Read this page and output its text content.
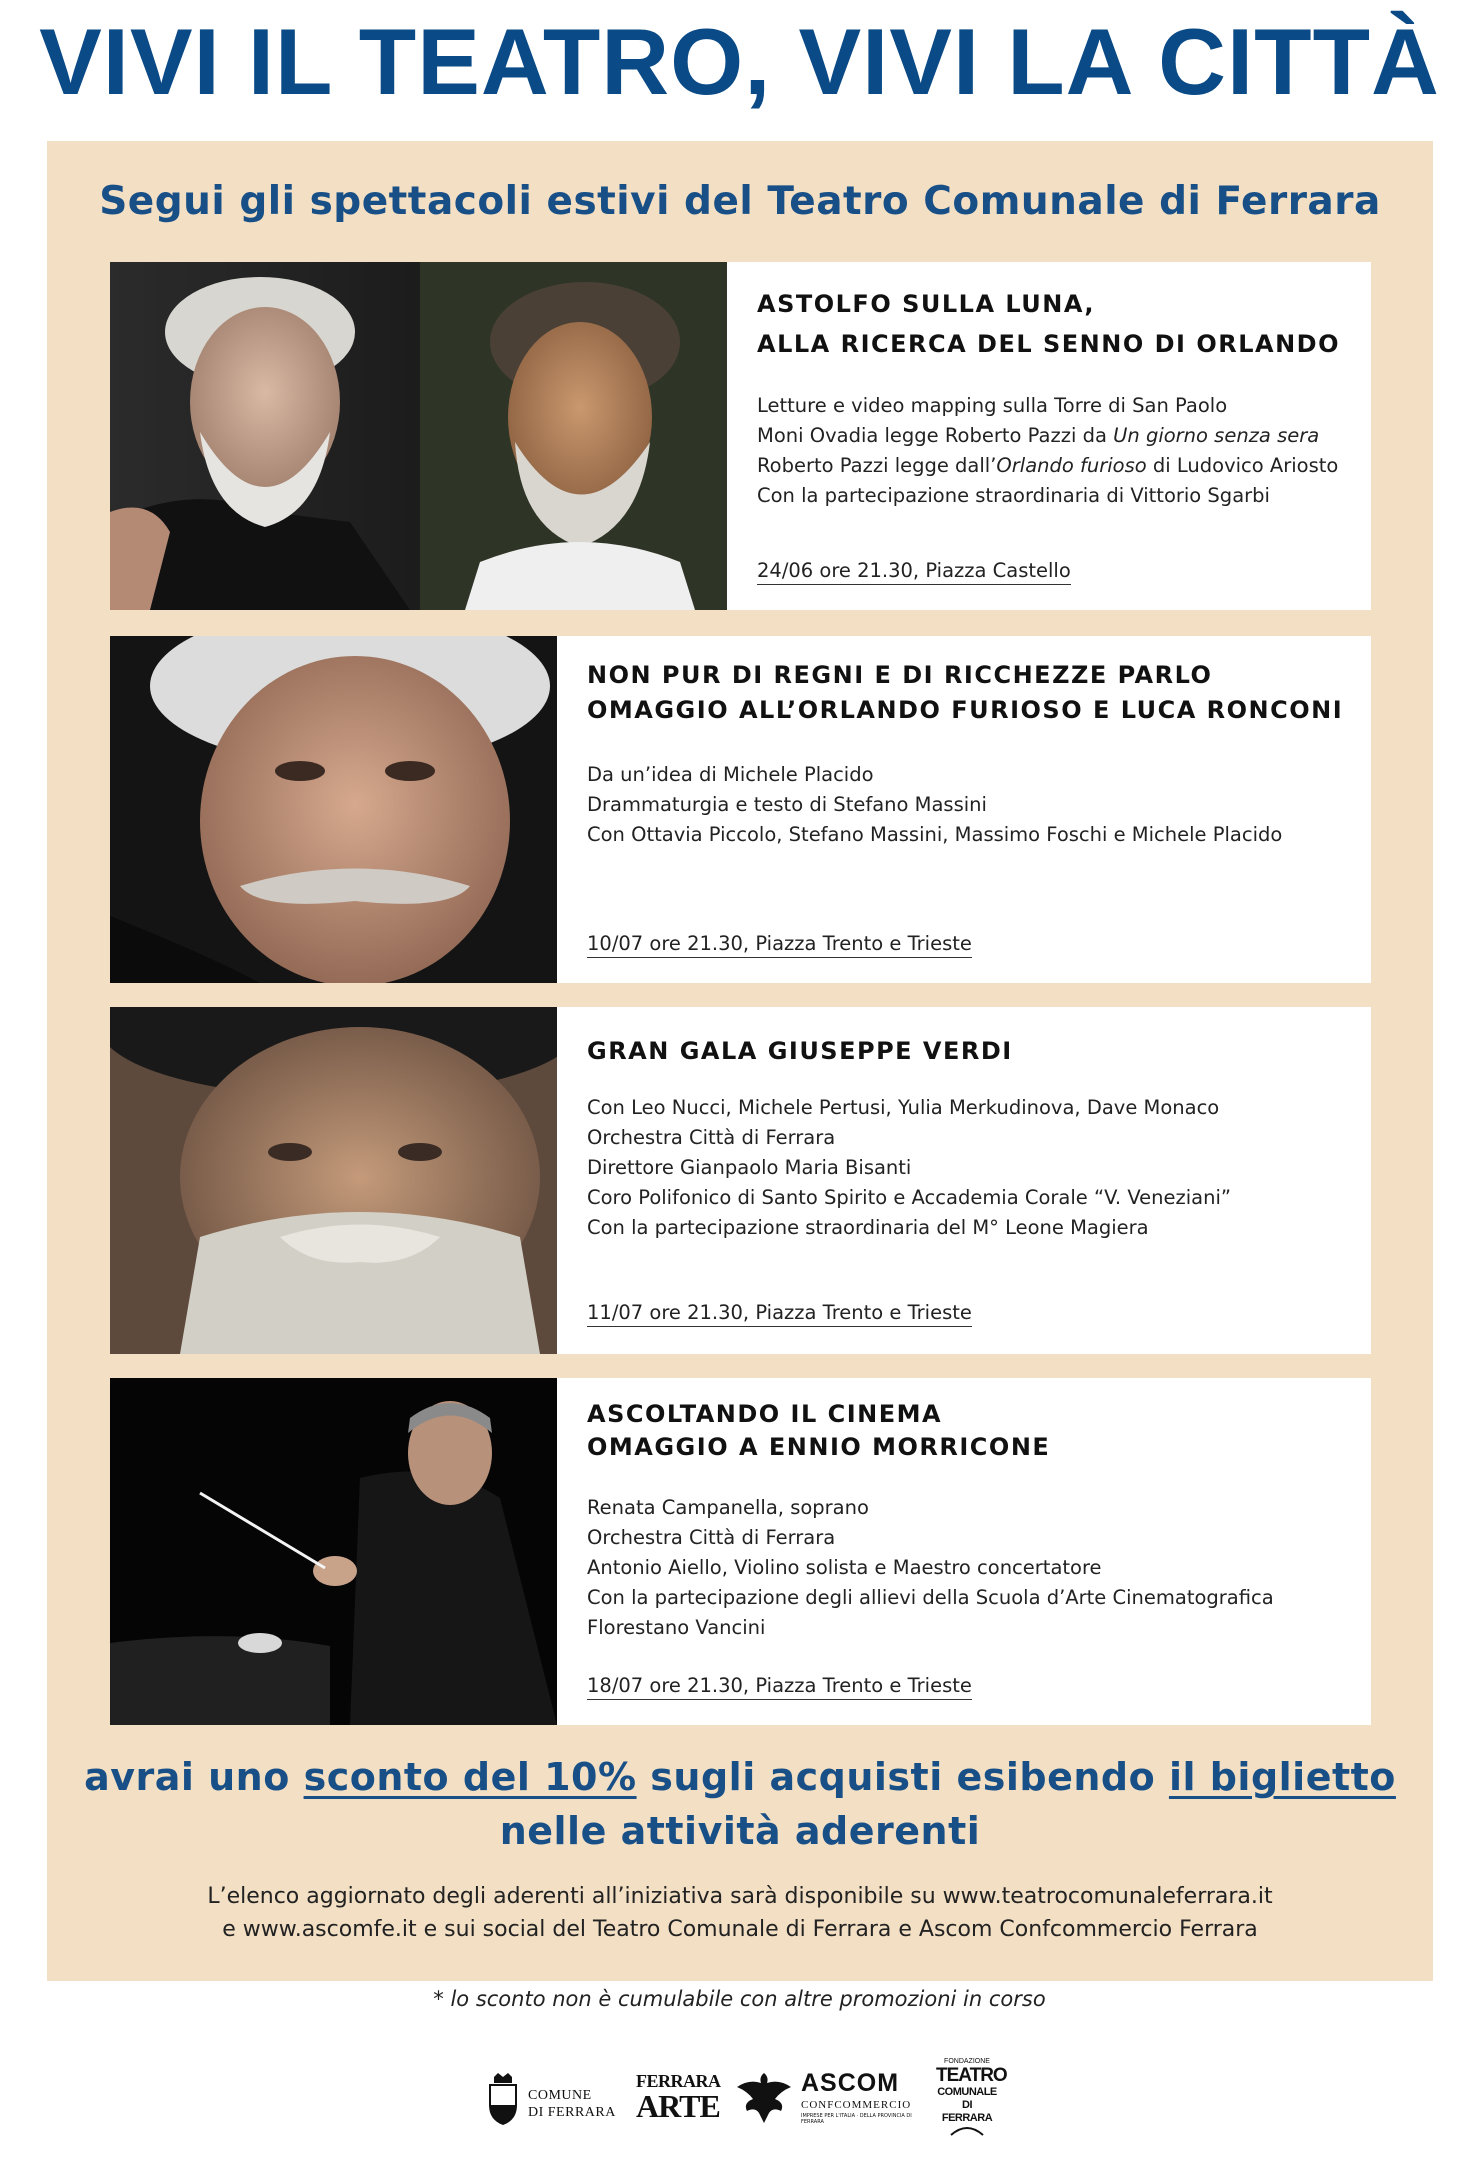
VIVI IL TEATRO, VIVI LA CITTÀ
Segui gli spettacoli estivi del Teatro Comunale di Ferrara
ASTOLFO SULLA LUNA,
ALLA RICERCA DEL SENNO DI ORLANDO
Letture e video mapping sulla Torre di San Paolo
Moni Ovadia legge Roberto Pazzi da Un giorno senza sera
Roberto Pazzi legge dall’Orlando furioso di Ludovico Ariosto
Con la partecipazione straordinaria di Vittorio Sgarbi
24/06 ore 21.30, Piazza Castello
NON PUR DI REGNI E DI RICCHEZZE PARLO
OMAGGIO ALL’ORLANDO FURIOSO E LUCA RONCONI
Da un’idea di Michele Placido
Drammaturgia e testo di Stefano Massini
Con Ottavia Piccolo, Stefano Massini, Massimo Foschi e Michele Placido
10/07 ore 21.30, Piazza Trento e Trieste
GRAN GALA GIUSEPPE VERDI
Con Leo Nucci, Michele Pertusi, Yulia Merkudinova, Dave Monaco
Orchestra Città di Ferrara
Direttore Gianpaolo Maria Bisanti
Coro Polifonico di Santo Spirito e Accademia Corale “V. Veneziani”
Con la partecipazione straordinaria del M° Leone Magiera
11/07 ore 21.30, Piazza Trento e Trieste
ASCOLTANDO IL CINEMA
OMAGGIO A ENNIO MORRICONE
Renata Campanella, soprano
Orchestra Città di Ferrara
Antonio Aiello, Violino solista e Maestro concertatore
Con la partecipazione degli allievi della Scuola d’Arte Cinematografica
Florestano Vancini
18/07 ore 21.30, Piazza Trento e Trieste
avrai uno sconto del 10% sugli acquisti esibendo il biglietto
nelle attività aderenti
L’elenco aggiornato degli aderenti all’iniziativa sarà disponibile su www.teatrocomunaleferrara.it
e www.ascomfe.it e sui social del Teatro Comunale di Ferrara e Ascom Confcommercio Ferrara
* lo sconto non è cumulabile con altre promozioni in corso
COMUNE
DI FERRARA
FERRARA
ARTE
ASCOM
CONFCOMMERCIO
IMPRESE PER L'ITALIA · DELLA PROVINCIA DI FERRARA
FONDAZIONE
TEATRO
COMUNALE
DI FERRARA
